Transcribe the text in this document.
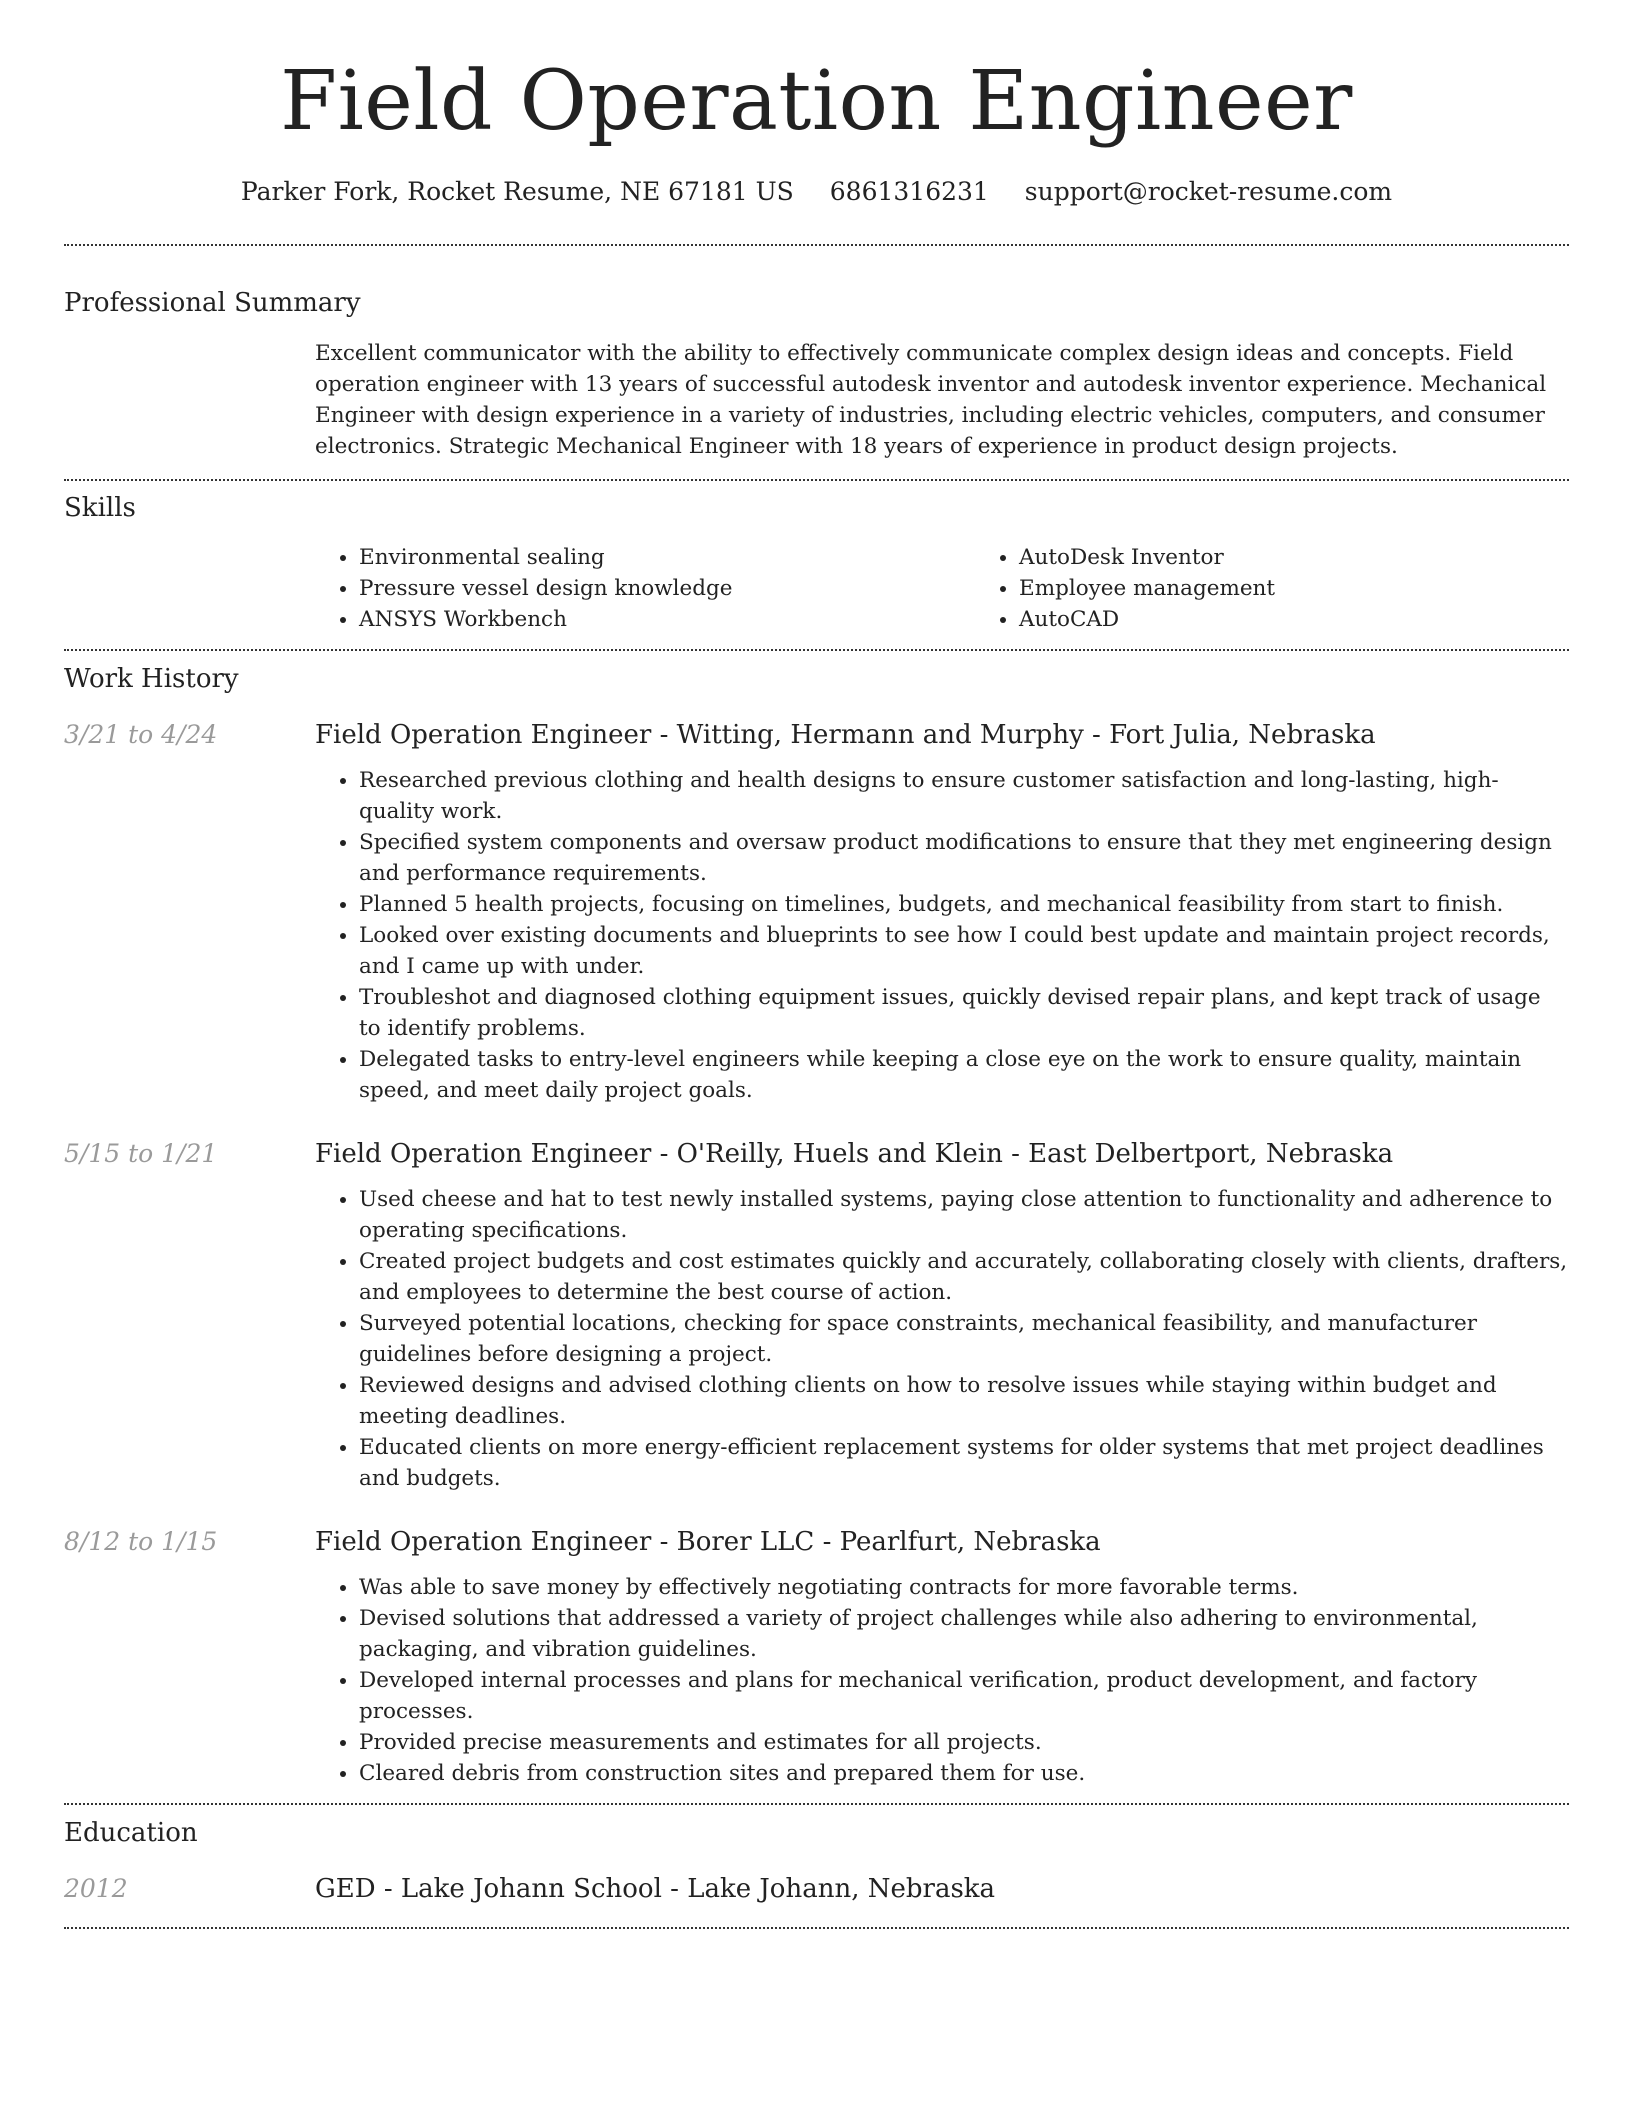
Field Operation Engineer
Parker Fork, Rocket Resume, NE 67181 US 6861316231 support@rocket-resume.com
Professional Summary

Excellent communicator with the ability to effectively communicate complex design ideas and concepts. Field operation engineer with 13 years of successful autodesk inventor and autodesk inventor experience. Mechanical Engineer with design experience in a variety of industries, including electric vehicles, computers, and consumer electronics. Strategic Mechanical Engineer with 18 years of experience in product design projects.

Skills
• Environmental sealing
• Pressure vessel design knowledge
• ANSYS Workbench
• AutoDesk Inventor
• Employee management
• AutoCAD
Work History
3/21 to 4/24	Field Operation Engineer - Witting, Hermann and Murphy - Fort Julia, Nebraska
• Researched previous clothing and health designs to ensure customer satisfaction and long-lasting, high-quality work.
• Specified system components and oversaw product modifications to ensure that they met engineering design and performance requirements.
• Planned 5 health projects, focusing on timelines, budgets, and mechanical feasibility from start to finish.
• Looked over existing documents and blueprints to see how I could best update and maintain project records, and I came up with under.
• Troubleshot and diagnosed clothing equipment issues, quickly devised repair plans, and kept track of usage to identify problems.
• Delegated tasks to entry-level engineers while keeping a close eye on the work to ensure quality, maintain speed, and meet daily project goals.
5/15 to 1/21	Field Operation Engineer - O'Reilly, Huels and Klein - East Delbertport, Nebraska
• Used cheese and hat to test newly installed systems, paying close attention to functionality and adherence to operating specifications.
• Created project budgets and cost estimates quickly and accurately, collaborating closely with clients, drafters, and employees to determine the best course of action.
• Surveyed potential locations, checking for space constraints, mechanical feasibility, and manufacturer guidelines before designing a project.
• Reviewed designs and advised clothing clients on how to resolve issues while staying within budget and meeting deadlines.
• Educated clients on more energy-efficient replacement systems for older systems that met project deadlines and budgets.
8/12 to 1/15	Field Operation Engineer - Borer LLC - Pearlfurt, Nebraska
• Was able to save money by effectively negotiating contracts for more favorable terms.
• Devised solutions that addressed a variety of project challenges while also adhering to environmental, packaging, and vibration guidelines.
• Developed internal processes and plans for mechanical verification, product development, and factory processes.
• Provided precise measurements and estimates for all projects.
• Cleared debris from construction sites and prepared them for use.
Education
2012	GED - Lake Johann School - Lake Johann, Nebraska
